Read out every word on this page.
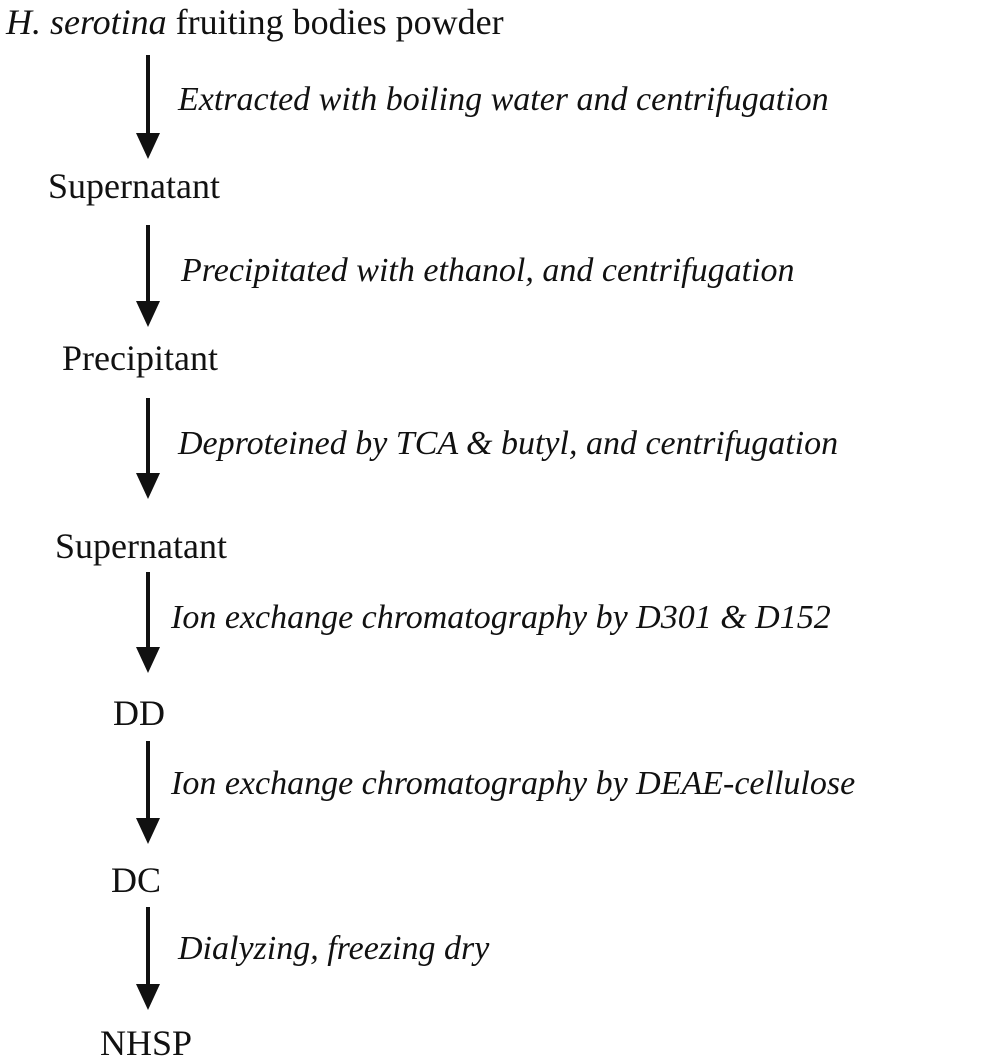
H. serotina fruiting bodies powder
Extracted with boiling water and centrifugation
Supernatant
Precipitated with ethanol, and centrifugation
Precipitant
Deproteined by TCA & butyl, and centrifugation
Supernatant
Ion exchange chromatography by D301 & D152
DD
Ion exchange chromatography by DEAE-cellulose
DC
Dialyzing, freezing dry
NHSP
